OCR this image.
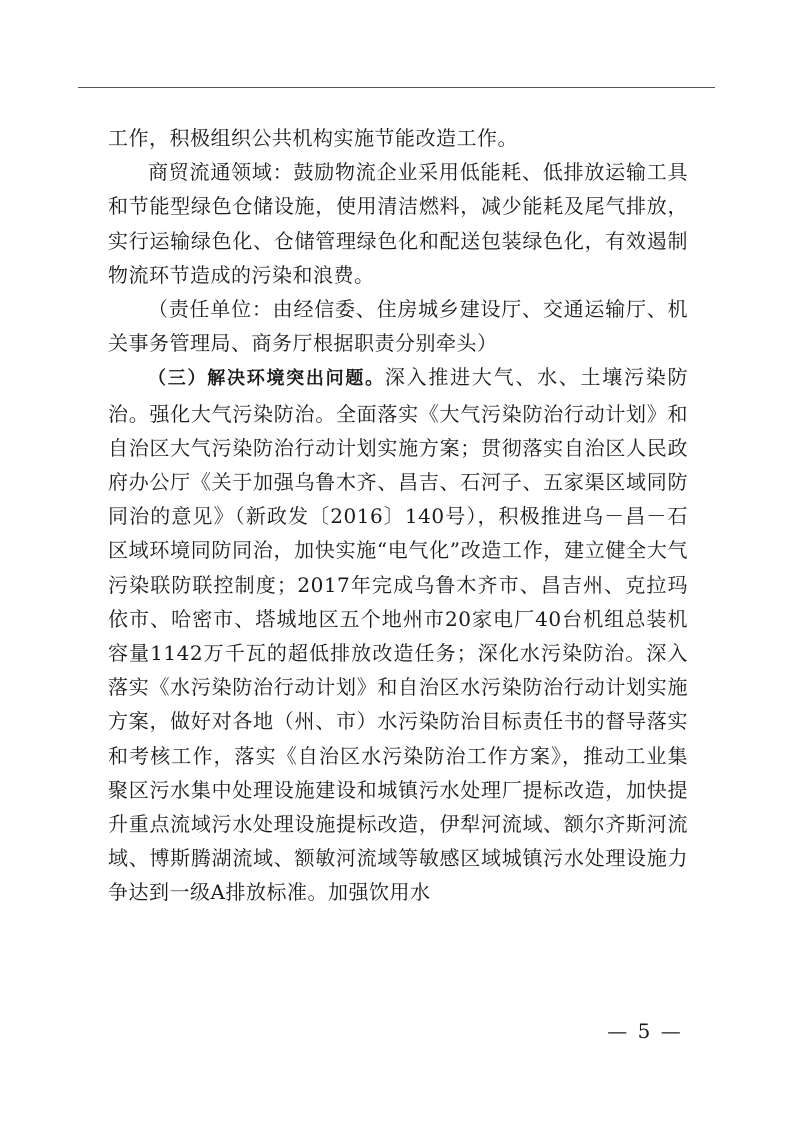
工作，积极组织公共机构实施节能改造工作。

商贸流通领域：鼓励物流企业采用低能耗、低排放运输工具和节能型绿色仓储设施，使用清洁燃料，减少能耗及尾气排放，实行运输绿色化、仓储管理绿色化和配送包装绿色化，有效遏制物流环节造成的污染和浪费。

（责任单位：由经信委、住房城乡建设厅、交通运输厅、机关事务管理局、商务厅根据职责分别牵头）

（三）解决环境突出问题。深入推进大气、水、土壤污染防治。强化大气污染防治。全面落实《大气污染防治行动计划》和自治区大气污染防治行动计划实施方案；贯彻落实自治区人民政府办公厅《关于加强乌鲁木齐、昌吉、石河子、五家渠区域同防同治的意见》（新政发〔2016〕140号），积极推进乌－昌－石区域环境同防同治，加快实施“电气化”改造工作，建立健全大气污染联防联控制度；2017年完成乌鲁木齐市、昌吉州、克拉玛依市、哈密市、塔城地区五个地州市20家电厂40台机组总装机容量1142万千瓦的超低排放改造任务；深化水污染防治。深入落实《水污染防治行动计划》和自治区水污染防治行动计划实施方案，做好对各地（州、市）水污染防治目标责任书的督导落实和考核工作，落实《自治区水污染防治工作方案》，推动工业集聚区污水集中处理设施建设和城镇污水处理厂提标改造，加快提升重点流域污水处理设施提标改造，伊犁河流域、额尔齐斯河流域、博斯腾湖流域、额敏河流域等敏感区域城镇污水处理设施力争达到一级A排放标准。加强饮用水

— 5 —
